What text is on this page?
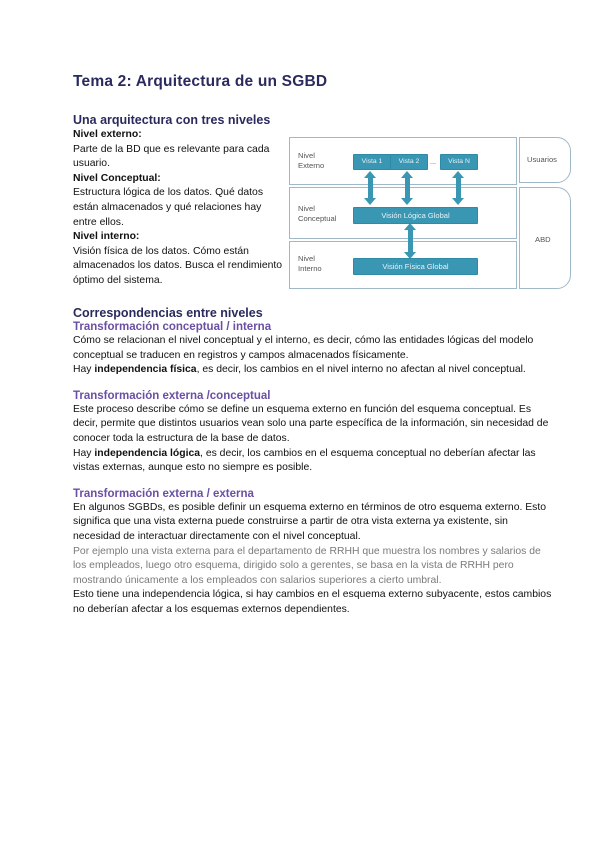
Tema 2: Arquitectura de un SGBD
Una arquitectura con tres niveles

Nivel externo:

Parte de la BD que es relevante para cada usuario.

Nivel Conceptual:

Estructura lógica de los datos. Qué datos están almacenados y qué relaciones hay entre ellos.

Nivel interno:

Visión física de los datos. Cómo están almacenados los datos. Busca el rendimiento óptimo del sistema.

Nivel Externo
Nivel Conceptual
Nivel Interno
Vista 1	Vista 2	...	Vista N
Visión Lógica Global
Visión Física Global
Usuarios
ABD
Correspondencias entre niveles
Transformación conceptual / interna

Cómo se relacionan el nivel conceptual y el interno, es decir, cómo las entidades lógicas del modelo conceptual se traducen en registros y campos almacenados físicamente.

Hay independencia física, es decir, los cambios en el nivel interno no afectan al nivel conceptual.

Transformación externa /conceptual

Este proceso describe cómo se define un esquema externo en función del esquema conceptual. Es decir, permite que distintos usuarios vean solo una parte específica de la información, sin necesidad de conocer toda la estructura de la base de datos.

Hay independencia lógica, es decir, los cambios en el esquema conceptual no deberían afectar las vistas externas, aunque esto no siempre es posible.

Transformación externa / externa

En algunos SGBDs, es posible definir un esquema externo en términos de otro esquema externo. Esto significa que una vista externa puede construirse a partir de otra vista externa ya existente, sin necesidad de interactuar directamente con el nivel conceptual.

Por ejemplo una vista externa para el departamento de RRHH que muestra los nombres y salarios de los empleados, luego otro esquema, dirigido solo a gerentes, se basa en la vista de RRHH pero mostrando únicamente a los empleados con salarios superiores a cierto umbral.

Esto tiene una independencia lógica, si hay cambios en el esquema externo subyacente, estos cambios no deberían afectar a los esquemas externos dependientes.
